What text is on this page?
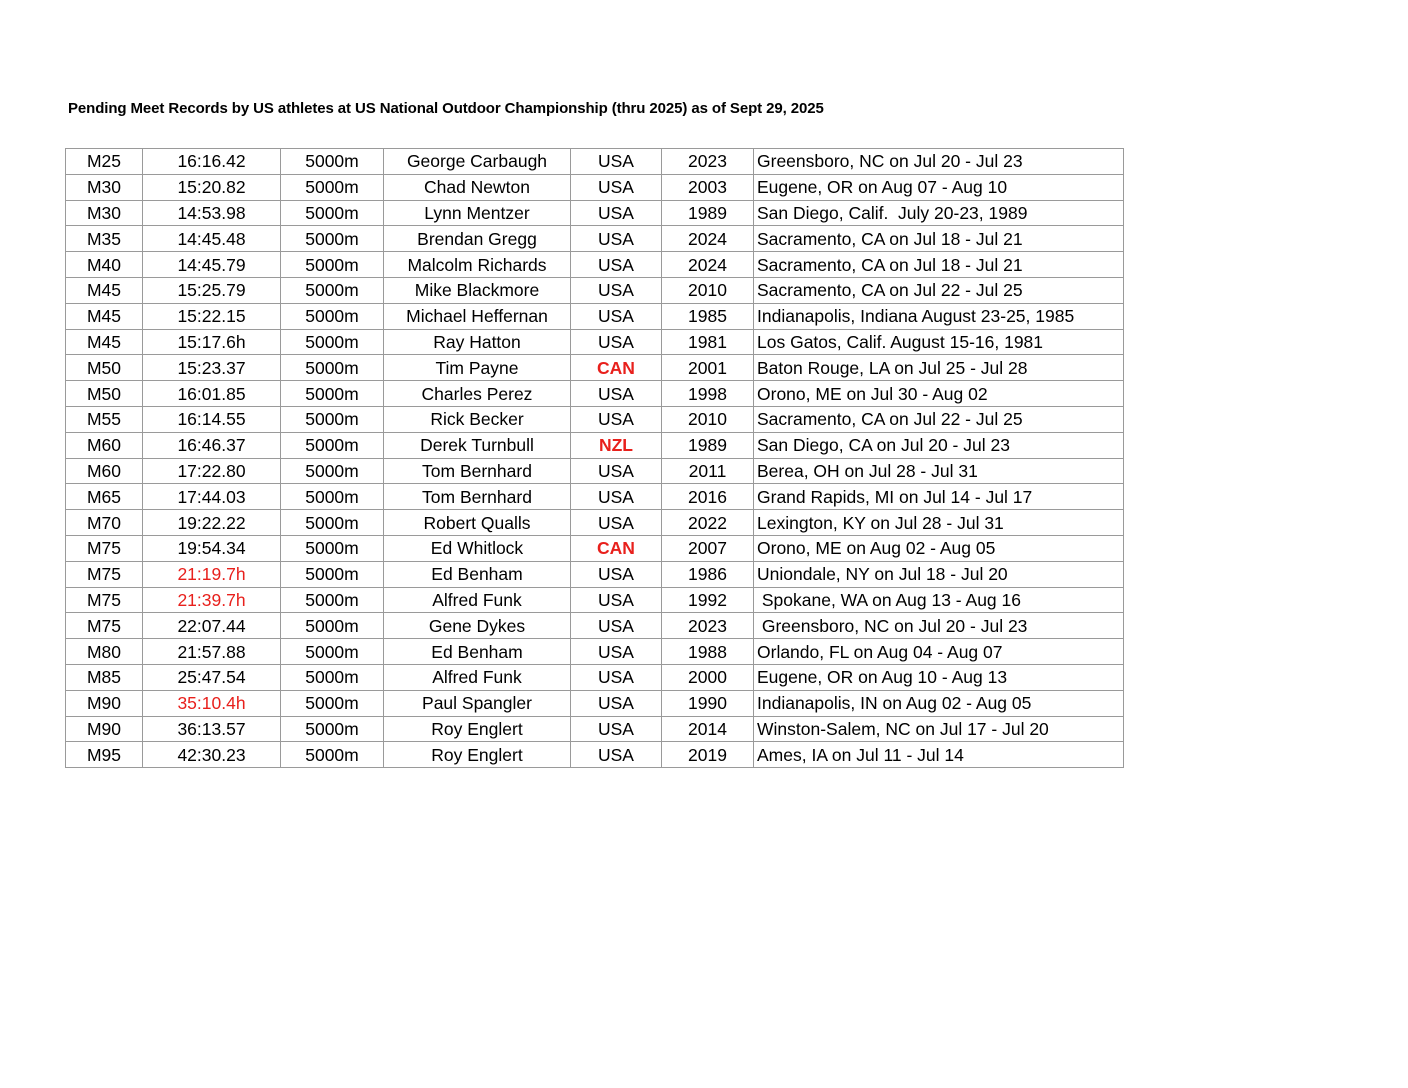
Pending Meet Records by US athletes at US National Outdoor Championship (thru 2025) as of Sept 29, 2025
M25	16:16.42	5000m	George Carbaugh	USA	2023	Greensboro, NC on Jul 20 - Jul 23
M30	15:20.82	5000m	Chad Newton	USA	2003	Eugene, OR on Aug 07 - Aug 10
M30	14:53.98	5000m	Lynn Mentzer	USA	1989	San Diego, Calif.  July 20-23, 1989
M35	14:45.48	5000m	Brendan Gregg	USA	2024	Sacramento, CA on Jul 18 - Jul 21
M40	14:45.79	5000m	Malcolm Richards	USA	2024	Sacramento, CA on Jul 18 - Jul 21
M45	15:25.79	5000m	Mike Blackmore	USA	2010	Sacramento, CA on Jul 22 - Jul 25
M45	15:22.15	5000m	Michael Heffernan	USA	1985	Indianapolis, Indiana August 23-25, 1985
M45	15:17.6h	5000m	Ray Hatton	USA	1981	Los Gatos, Calif. August 15-16, 1981
M50	15:23.37	5000m	Tim Payne	CAN	2001	Baton Rouge, LA on Jul 25 - Jul 28
M50	16:01.85	5000m	Charles Perez	USA	1998	Orono, ME on Jul 30 - Aug 02
M55	16:14.55	5000m	Rick Becker	USA	2010	Sacramento, CA on Jul 22 - Jul 25
M60	16:46.37	5000m	Derek Turnbull	NZL	1989	San Diego, CA on Jul 20 - Jul 23
M60	17:22.80	5000m	Tom Bernhard	USA	2011	Berea, OH on Jul 28 - Jul 31
M65	17:44.03	5000m	Tom Bernhard	USA	2016	Grand Rapids, MI on Jul 14 - Jul 17
M70	19:22.22	5000m	Robert Qualls	USA	2022	Lexington, KY on Jul 28 - Jul 31
M75	19:54.34	5000m	Ed Whitlock	CAN	2007	Orono, ME on Aug 02 - Aug 05
M75	21:19.7h	5000m	Ed Benham	USA	1986	Uniondale, NY on Jul 18 - Jul 20
M75	21:39.7h	5000m	Alfred Funk	USA	1992	Spokane, WA on Aug 13 - Aug 16
M75	22:07.44	5000m	Gene Dykes	USA	2023	Greensboro, NC on Jul 20 - Jul 23
M80	21:57.88	5000m	Ed Benham	USA	1988	Orlando, FL on Aug 04 - Aug 07
M85	25:47.54	5000m	Alfred Funk	USA	2000	Eugene, OR on Aug 10 - Aug 13
M90	35:10.4h	5000m	Paul Spangler	USA	1990	Indianapolis, IN on Aug 02 - Aug 05
M90	36:13.57	5000m	Roy Englert	USA	2014	Winston-Salem, NC on Jul 17 - Jul 20
M95	42:30.23	5000m	Roy Englert	USA	2019	Ames, IA on Jul 11 - Jul 14
